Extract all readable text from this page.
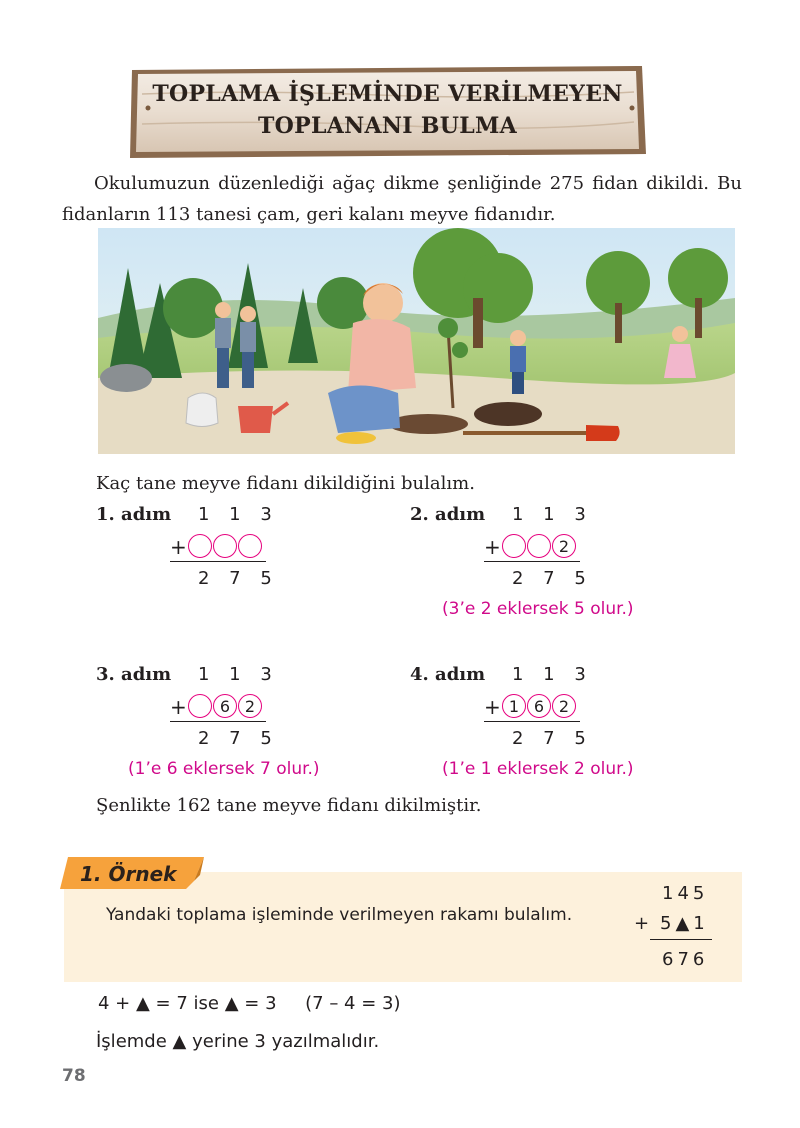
TOPLAMA İŞLEMİNDE VERİLMEYEN
TOPLANANI BULMA
Okulumuzun düzenlediği ağaç dikme şenliğinde 275 fidan dikildi. Bu fidanların 113 tanesi çam, geri kalanı meyve fidanıdır.
Kaç tane meyve fidanı dikildiğini bulalım.
1. adım 1 1 3
+
2 7 5
2. adım 1 1 3
+	2
2 7 5
(3’e 2 eklersek 5 olur.)
3. adım 1 1 3
+	6 2
2 7 5
(1’e 6 eklersek 7 olur.)
4. adım 1 1 3
+ 1 6 2
2 7 5
(1’e 1 eklersek 2 olur.)
Şenlikte 162 tane meyve fidanı dikilmiştir.
1. Örnek
Yandaki toplama işleminde verilmeyen rakamı bulalım.
145
+ 5▲1
676
4 + ▲ = 7 ise ▲ = 3     (7 – 4 = 3)
İşlemde ▲ yerine 3 yazılmalıdır.
78
